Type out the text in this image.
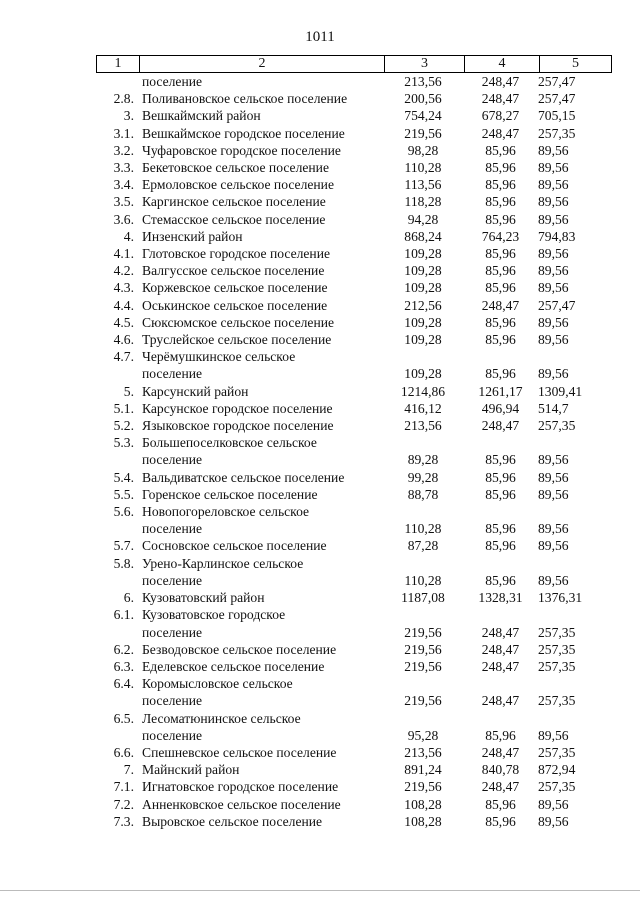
1011
1	2	3	4	5
поселение	213,56	248,47	257,47
2.8. Поливановское сельское поселение	200,56	248,47	257,47
3. Вешкаймский район	754,24	678,27	705,15
3.1. Вешкаймское городское поселение	219,56	248,47	257,35
3.2. Чуфаровское городское поселение	98,28	85,96	89,56
3.3. Бекетовское сельское поселение	110,28	85,96	89,56
3.4. Ермоловское сельское поселение	113,56	85,96	89,56
3.5. Каргинское сельское поселение	118,28	85,96	89,56
3.6. Стемасское сельское поселение	94,28	85,96	89,56
4. Инзенский район	868,24	764,23	794,83
4.1. Глотовское городское поселение	109,28	85,96	89,56
4.2. Валгусское сельское поселение	109,28	85,96	89,56
4.3. Коржевское сельское поселение	109,28	85,96	89,56
4.4. Оськинское сельское поселение	212,56	248,47	257,47
4.5. Сюксюмское сельское поселение	109,28	85,96	89,56
4.6. Труслейское сельское поселение	109,28	85,96	89,56
4.7. Черёмушкинское сельское
поселение	109,28	85,96	89,56
5. Карсунский район	1214,86	1261,17	1309,41
5.1. Карсунское городское поселение	416,12	496,94	514,7
5.2. Языковское городское поселение	213,56	248,47	257,35
5.3. Большепоселковское сельское
поселение	89,28	85,96	89,56
5.4. Вальдиватское сельское поселение	99,28	85,96	89,56
5.5. Горенское сельское поселение	88,78	85,96	89,56
5.6. Новопогореловское сельское
поселение	110,28	85,96	89,56
5.7. Сосновское сельское поселение	87,28	85,96	89,56
5.8. Урено-Карлинское сельское
поселение	110,28	85,96	89,56
6. Кузоватовский район	1187,08	1328,31	1376,31
6.1. Кузоватовское городское
поселение	219,56	248,47	257,35
6.2. Безводовское сельское поселение	219,56	248,47	257,35
6.3. Еделевское сельское поселение	219,56	248,47	257,35
6.4. Коромысловское сельское
поселение	219,56	248,47	257,35
6.5. Лесоматюнинское сельское
поселение	95,28	85,96	89,56
6.6. Спешневское сельское поселение	213,56	248,47	257,35
7. Майнский район	891,24	840,78	872,94
7.1. Игнатовское городское поселение	219,56	248,47	257,35
7.2. Анненковское сельское поселение	108,28	85,96	89,56
7.3. Выровское сельское поселение	108,28	85,96	89,56
